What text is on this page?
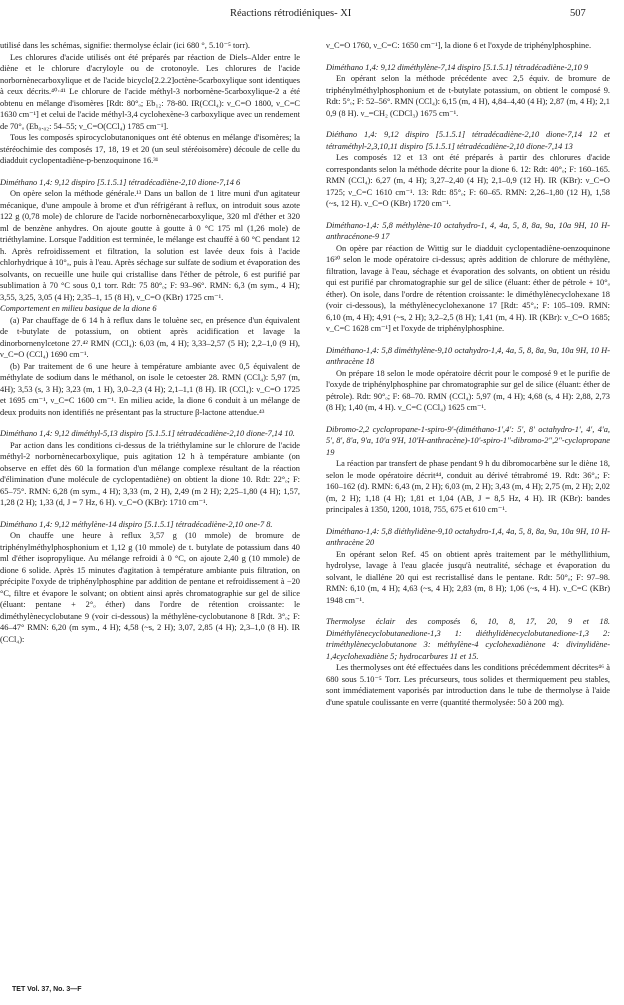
Réactions rétrodiéniques- XI	507

utilisé dans les schémas, signifie: thermolyse éclair (ici 680 °, 5.10⁻⁵ torr).

Les chlorures d'acide utilisés ont été préparés par réaction de Diels–Alder entre le diène et le chlorure d'acryloyle ou de crotonoyle. Les chlorures de l'acide norbornènecarboxylique et de l'acide bicyclo[2.2.2]octène-5carboxylique sont identiques à ceux décrits.⁴⁰·⁴¹ Le chlorure de l'acide méthyl-3 norbornène-5carboxylique-2 a été obtenu en mélange d'isomères [Rdt: 80°ₒ; Eb₁₂: 78-80. IR(CCl₄): ν_C=O 1800, ν_C=C 1630 cm⁻¹] et celui de l'acide méthyl-3,4 cyclohexène-3 carboxylique avec un rendement de 70°ₒ (Eb₀.₀₂: 54–55; ν_C=O(CCl₄) 1785 cm⁻¹].

Tous les composés spirocyclobutanoniques ont été obtenus en mélange d'isomères; la stéréochimie des composés 17, 18, 19 et 20 (un seul stéréoisomère) découle de celle du diadduit cyclopentadiène-p-benzoquinone 16.³¹

Diméthano 1,4: 9,12 dispiro [5.1.5.1] tétradécadiène-2,10 dione-7,14 6

On opère selon la méthode générale.¹³ Dans un ballon de 1 litre muni d'un agitateur mécanique, d'une ampoule à brome et d'un réfrigérant à reflux, on introduit sous azote 122 g (0,78 mole) de chlorure de l'acide norbornènecarboxylique, 320 ml d'éther et 320 ml de benzène anhydres. On ajoute goutte à goutte à 0 °C 175 ml (1,26 mole) de triéthylamine. Lorsque l'addition est terminée, le mélange est chauffé à 60 °C pendant 12 h. Après refroidissement et filtration, la solution est lavée deux fois à l'acide chlorhydrique à 10°ₒ, puis à l'eau. Après séchage sur sulfate de sodium et évaporation des solvants, on recueille une huile qui cristallise dans l'éther de pétrole, 6 est purifié par sublimation à 70 °C sous 0,1 torr. Rdt: 75 80°ₒ; F: 93–96°. RMN: 6,3 (m sym., 4 H); 3,55, 3,25, 3,05 (4 H); 2,35–1, 15 (8 H), ν_C=O (KBr) 1725 cm⁻¹.

Comportement en milieu basique de la dione 6

(a) Par chauffage de 6 14 h à reflux dans le toluène sec, en présence d'un équivalent de t-butylate de potassium, on obtient après acidification et lavage la dinorbornenylcetone 27.⁴² RMN (CCl₄): 6,03 (m, 4 H); 3,33–2,57 (5 H); 2,2–1,0 (9 H), ν_C=O (CCl₄) 1690 cm⁻¹.

(b) Par traitement de 6 une heure à température ambiante avec 0,5 équivalent de méthylate de sodium dans le méthanol, on isole le cetoester 28. RMN (CCl₄): 5,97 (m, 4H); 3,53 (s, 3 H); 3,23 (m, 1 H), 3,0–2,3 (4 H); 2,1–1,1 (8 H). IR (CCl₄): ν_C=O 1725 et 1695 cm⁻¹, ν_C=C 1600 cm⁻¹. En milieu acide, la dione 6 conduit à un mélange de deux produits non identifiés ne présentant pas la structure β-lactone attendue.⁴³

Diméthano 1,4: 9,12 diméthyl-5,13 dispiro [5.1.5.1] tétradécadiène-2,10 dione-7,14 10.

Par action dans les conditions ci-dessus de la triéthylamine sur le chlorure de l'acide méthyl-2 norbornènecarboxylique, puis agitation 12 h à température ambiante (on observe en effet dès 60 la formation d'un mélange complexe résultant de la réaction d'élimination d'une molécule de cyclopentadiène) on obtient la dione 10. Rdt: 22°ₒ; F: 65–75°. RMN: 6,28 (m sym., 4 H); 3,33 (m, 2 H), 2,49 (m 2 H); 2,25–1,80 (4 H); 1,57, 1,28 (2 H); 1,33 (d, J = 7 Hz, 6 H). ν_C=O (KBr): 1710 cm⁻¹.

Diméthano 1,4: 9,12 méthylène-14 dispiro [5.1.5.1] tétradécadiène-2,10 one-7 8.

On chauffe une heure à reflux 3,57 g (10 mmole) de bromure de triphénylméthylphosphonium et 1,12 g (10 mmole) de t. butylate de potassium dans 40 ml d'éther isopropylique. Au mélange refroidi à 0 °C, on ajoute 2,40 g (10 mmole) de dione 6 solide. Après 15 minutes d'agitation à température ambiante puis filtration, on précipite l'oxyde de triphénylphosphine par addition de pentane et refroidissement à −20 °C, filtre et évapore le solvant; on obtient ainsi après chromatographie sur gel de silice (éluant: pentane + 2°ₒ éther) dans l'ordre de rétention croissante: le diméthylènecyclobutane 9 (voir ci-dessous) la méthylène-cyclobutanone 8 [Rdt. 3°ₒ; F: 46–47° RMN: 6,20 (m sym., 4 H); 4,58 (~s, 2 H); 3,07, 2,85 (4 H); 2,3–1,0 (8 H). IR (CCl₄):

ν_C=O 1760, ν_C=C: 1650 cm⁻¹], la dione 6 et l'oxyde de triphénylphosphine.

Diméthano 1,4: 9,12 diméthylène-7,14 dispiro [5.1.5.1] tétradécadiène-2,10 9

En opérant selon la méthode précédente avec 2,5 équiv. de bromure de triphénylméthylphosphonium et de t-butylate potassium, on obtient le composé 9. Rdt: 5°ₒ; F: 52–56°. RMN (CCl₄): 6,15 (m, 4 H), 4,84–4,40 (4 H); 2,87 (m, 4 H); 2,1 0,9 (8 H). ν_=CH₂ (CDCl₃) 1675 cm⁻¹.

Diéthano 1,4: 9,12 dispiro [5.1.5.1] tétradécadiène-2,10 dione-7,14 12 et tétraméthyl-2,3,10,11 dispiro [5.1.5.1] tétradécadiène-2,10 dione-7,14 13

Les composés 12 et 13 ont été préparés à partir des chlorures d'acide correspondants selon la méthode décrite pour la dione 6. 12: Rdt: 40°ₒ; F: 160–165. RMN (CCl₄): 6,27 (m, 4 H); 3,27–2,40 (4 H); 2,1–0,9 (12 H). IR (KBr): ν_C=O 1725; ν_C=C 1610 cm⁻¹. 13: Rdt: 85°ₒ; F: 60–65. RMN: 2,26–1,80 (12 H), 1,58 (~s, 12 H). ν_C=O (KBr) 1720 cm⁻¹.

Diméthano-1,4: 5,8 méthylène-10 octahydro-1, 4, 4a, 5, 8, 8a, 9a, 10a 9H, 10 H-anthracénone-9 17

On opère par réaction de Wittig sur le diadduit cyclopentadiène-oenzoquinone 16³⁰ selon le mode opératoire ci-dessus; après addition de chlorure de méthylène, filtration, lavage à l'eau, séchage et évaporation des solvants, on obtient un résidu qui est purifié par chromatographie sur gel de silice (éluant: éther de pétrole + 10°ₒ éther). On isole, dans l'ordre de rétention croissante: le diméthylènecyclohexane 18 (voir ci-dessous), la méthylènecyclohexanone 17 [Rdt: 45°ₒ; F: 105–109. RMN: 6,10 (m, 4 H); 4,91 (~s, 2 H); 3,2–2,5 (8 H); 1,41 (m, 4 H). IR (KBr): ν_C=O 1685; ν_C=C 1628 cm⁻¹] et l'oxyde de triphénylphosphine.

Diméthano-1,4: 5,8 diméthylène-9,10 octahydro-1,4, 4a, 5, 8, 8a, 9a, 10a 9H, 10 H-anthracène 18

On prépare 18 selon le mode opératoire décrit pour le composé 9 et le purifie de l'oxyde de triphénylphosphine par chromatographie sur gel de silice (éluant: éther de pétrole). Rdt: 90°ₒ; F: 68–70. RMN (CCl₄): 5,97 (m, 4 H); 4,68 (s, 4 H): 2,88, 2,73 (8 H); 1,40 (m, 4 H). ν_C=C (CCl₄) 1625 cm⁻¹.

Dibromo-2,2 cyclopropane-1-spiro-9'-(diméthano-1',4': 5', 8' octahydro-1', 4', 4'a, 5', 8', 8'a, 9'a, 10'a 9'H, 10'H-anthracène)-10'-spiro-1''-dibromo-2'',2''-cyclopropane 19

La réaction par transfert de phase pendant 9 h du dibromocarbène sur le diène 18, selon le mode opératoire décrit⁴⁴, conduit au dérivé tétrabromé 19. Rdt: 36°ₒ; F: 160–162 (d). RMN: 6,43 (m, 2 H); 6,03 (m, 2 H); 3,43 (m, 4 H); 2,75 (m, 2 H); 2,02 (m, 2 H); 1,18 (4 H); 1,81 et 1,04 (AB, J = 8,5 Hz, 4 H). IR (KBr): bandes principales à 1350, 1200, 1018, 755, 675 et 610 cm⁻¹.

Diméthano-1,4: 5,8 diéthylidène-9,10 octahydro-1,4, 4a, 5, 8, 8a, 9a, 10a 9H, 10 H-anthracène 20

En opérant selon Ref. 45 on obtient après traitement par le méthyllithium, hydrolyse, lavage à l'eau glacée jusqu'à neutralité, séchage et évaporation du solvant, le dialléne 20 qui est recristallisé dans le pentane. Rdt: 50°ₒ; F: 97–98. RMN: 6,10 (m, 4 H); 4,63 (~s, 4 H); 2,83 (m, 8 H); 1,06 (~s, 4 H). ν_C=C (KBr) 1948 cm⁻¹.

Thermolyse éclair des composés 6, 10, 8, 17, 20, 9 et 18. Diméthylènecyclobutanedione-1,3 1: diéthylidènecyclobutanedione-1,3 2: triméthylènecyclobutanone 3: méthylène-4 cyclohexadiènone 4: divinylidène-1,4cyclohexadiène 5; hydrocarbures 11 et 15.

Les thermolyses ont été effectuées dans les conditions précédemment décrites⁴⁶ à 680 sous 5.10⁻⁵ Torr. Les précurseurs, tous solides et thermiquement peu stables, sont immédiatement vaporisés par introduction dans le tube de thermolyse à l'aide d'une spatule coulissante en verre (quantité thermolysée: 50 à 200 mg).

TET Vol. 37, No. 3—F
